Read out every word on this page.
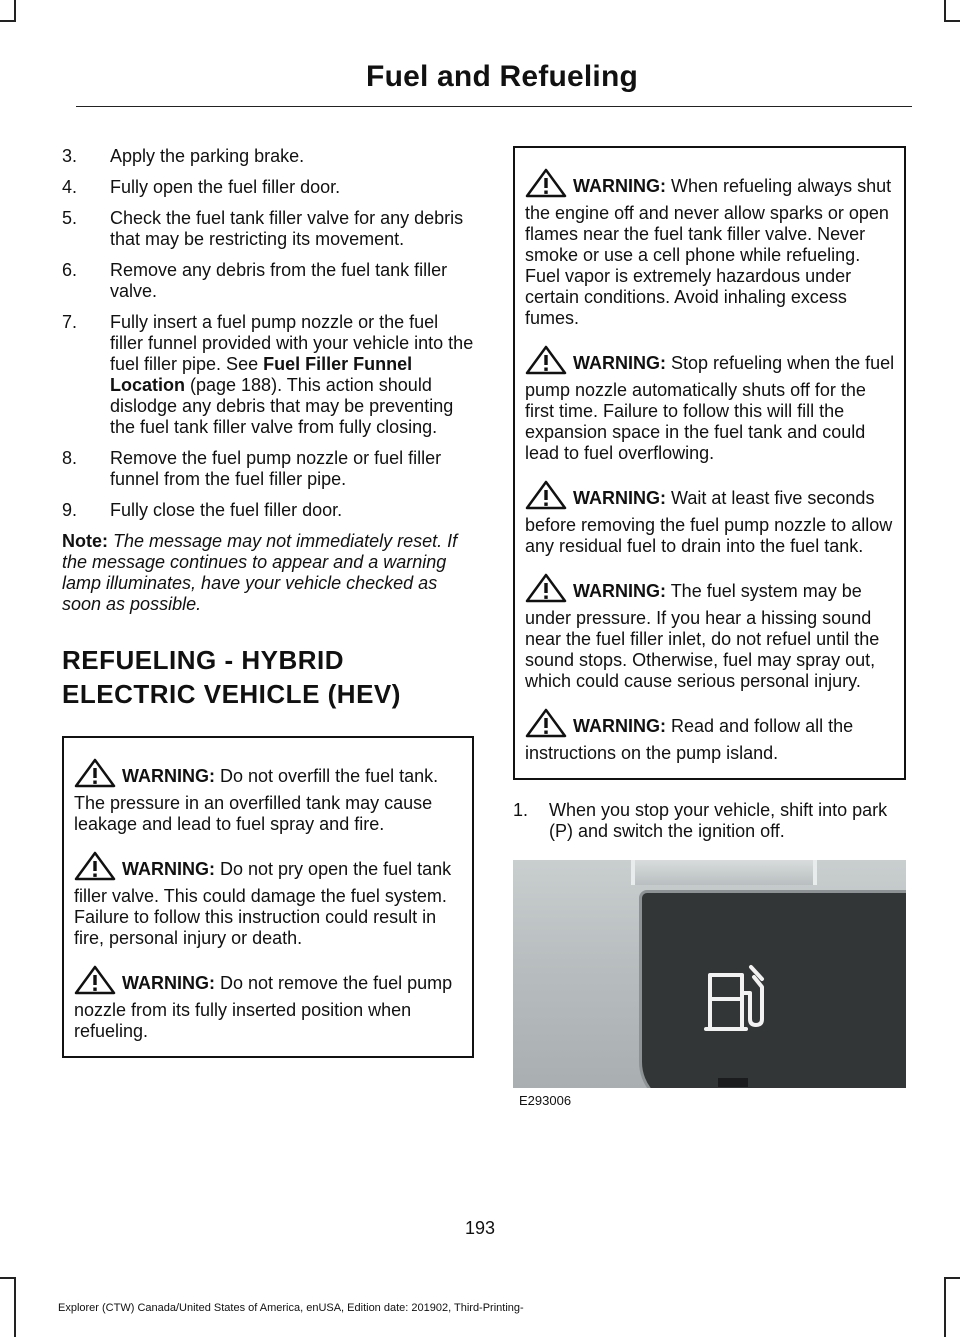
Fuel and Refueling
3.	Apply the parking brake.
4.	Fully open the fuel filler door.
5.	Check the fuel tank filler valve for any debris that may be restricting its movement.
6.	Remove any debris from the fuel tank filler valve.
7.	Fully insert a fuel pump nozzle or the fuel filler funnel provided with your vehicle into the fuel filler pipe. See Fuel Filler Funnel Location (page 188). This action should dislodge any debris that may be preventing the fuel tank filler valve from fully closing.
8.	Remove the fuel pump nozzle or fuel filler funnel from the fuel filler pipe.
9.	Fully close the fuel filler door.
Note: The message may not immediately reset. If the message continues to appear and a warning lamp illuminates, have your vehicle checked as soon as possible.
REFUELING - HYBRID
ELECTRIC VEHICLE (HEV)
WARNING: Do not overfill the fuel tank. The pressure in an overfilled tank may cause leakage and lead to fuel spray and fire.
WARNING: Do not pry open the fuel tank filler valve. This could damage the fuel system. Failure to follow this instruction could result in fire, personal injury or death.
WARNING: Do not remove the fuel pump nozzle from its fully inserted position when refueling.
WARNING: When refueling always shut the engine off and never allow sparks or open flames near the fuel tank filler valve. Never smoke or use a cell phone while refueling. Fuel vapor is extremely hazardous under certain conditions. Avoid inhaling excess fumes.
WARNING: Stop refueling when the fuel pump nozzle automatically shuts off for the first time. Failure to follow this will fill the expansion space in the fuel tank and could lead to fuel overflowing.
WARNING: Wait at least five seconds before removing the fuel pump nozzle to allow any residual fuel to drain into the fuel tank.
WARNING: The fuel system may be under pressure. If you hear a hissing sound near the fuel filler inlet, do not refuel until the sound stops. Otherwise, fuel may spray out, which could cause serious personal injury.
WARNING: Read and follow all the instructions on the pump island.
1.	When you stop your vehicle, shift into park (P) and switch the ignition off.
E293006
193
Explorer (CTW) Canada/United States of America, enUSA, Edition date: 201902, Third-Printing-
